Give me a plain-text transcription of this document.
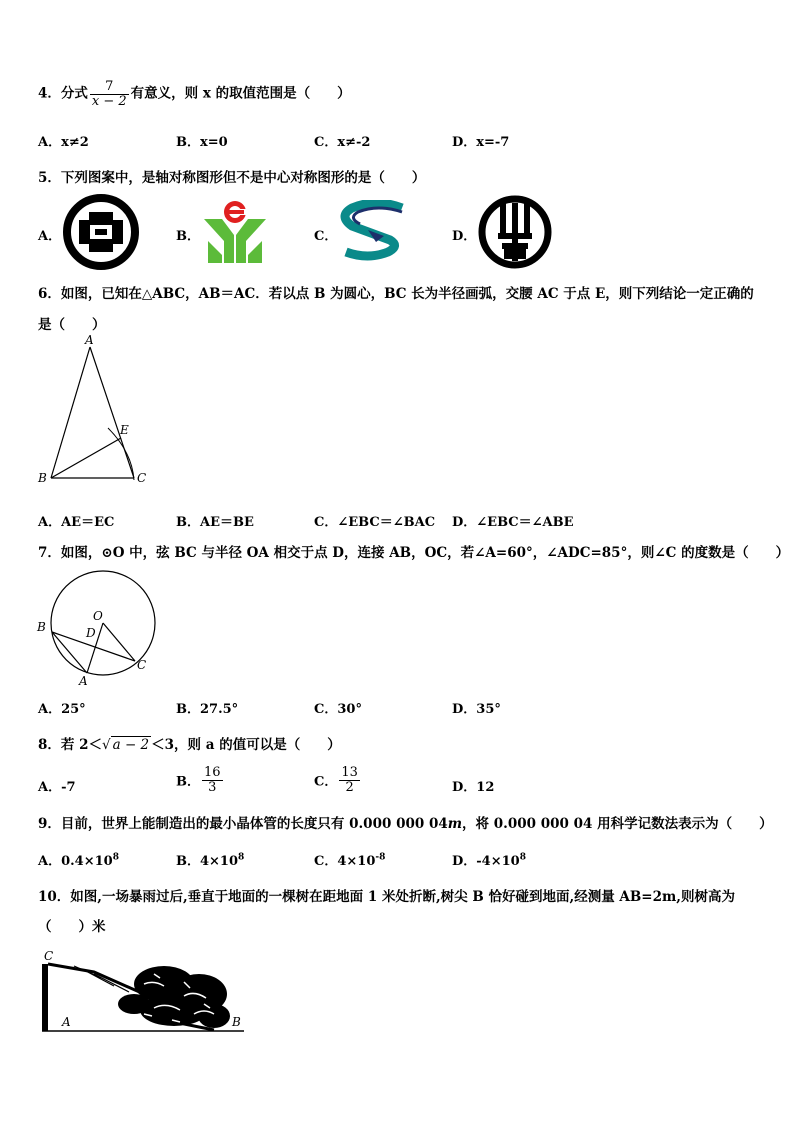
4．分式 $\frac{7}{x - 2}$ 有意义，则 x 的取值范围是（　　）
A．x≠2	B．x=0	C．x≠-2	D．x=-7
5．下列图案中，是轴对称图形但不是中心对称图形的是（　　）
A．	B．	C．	D．
6．如图，已知在△ABC，AB＝AC．若以点 B 为圆心，BC 长为半径画弧，交腰 AC 于点 E，则下列结论一定正确的
是（　　）
A
B	C
E
A．AE＝EC	B．AE＝BE	C．∠EBC＝∠BAC D．∠EBC＝∠ABE
7．如图，⊙O 中，弦 BC 与半径 OA 相交于点 D，连接 AB，OC，若∠A=60°，∠ADC=85°，则∠C 的度数是（　　）
O
B	D
C
A
A．25°	B．27.5°	C．30°	D．35°
8．若 2＜√ a − 2 ＜3，则 a 的值可以是（　　）
A．-7	B． $\frac{16}{3}$	C． $\frac{13}{2}$	D．12
9．目前，世界上能制造出的最小晶体管的长度只有 0.000 000 04m，将 0.000 000 04 用科学记数法表示为（　　）
A．$0.4\times 10^8$	B．$4\times 10^8$	C．$4\times 10^{-8}$	D．$-4\times 10^8$
10．如图,一场暴雨过后,垂直于地面的一棵树在距地面 1 米处折断,树尖 B 恰好碰到地面,经测量 AB=2m,则树高为
（　　）米
C
A	B
